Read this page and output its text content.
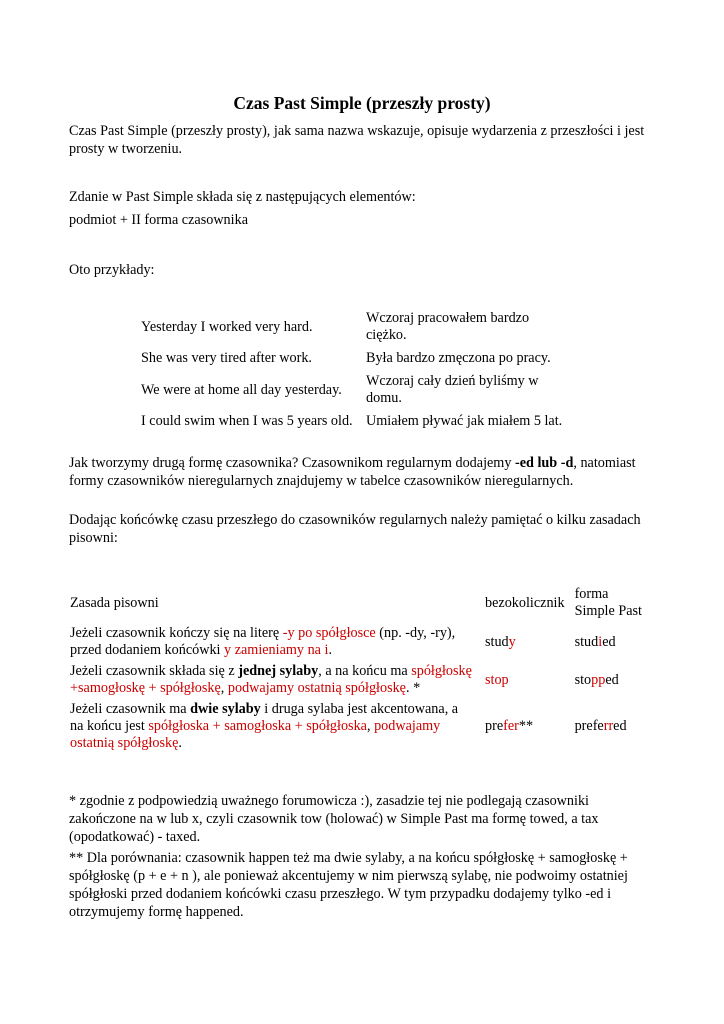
Czas Past Simple (przeszły prosty)
Czas Past Simple (przeszły prosty), jak sama nazwa wskazuje, opisuje wydarzenia z przeszłości i jest prosty w tworzeniu.
Zdanie w Past Simple składa się z następujących elementów:
podmiot + II forma czasownika
Oto przykłady:
Yesterday I worked very hard.	Wczoraj pracowałem bardzo ciężko.
She was very tired after work.	Była bardzo zmęczona po pracy.
We were at home all day yesterday.	Wczoraj cały dzień byliśmy w domu.
I could swim when I was 5 years old.	Umiałem pływać jak miałem 5 lat.
Jak tworzymy drugą formę czasownika? Czasownikom regularnym dodajemy -ed lub -d, natomiast formy czasowników nieregularnych znajdujemy w tabelce czasowników nieregularnych.
Dodając końcówkę czasu przeszłego do czasowników regularnych należy pamiętać o kilku zasadach pisowni:
Zasada pisowni	bezokolicznik	forma Simple Past
Jeżeli czasownik kończy się na literę -y po spółgłosce (np. -dy, -ry), przed dodaniem końcówki y zamieniamy na i.	study	studied
Jeżeli czasownik składa się z jednej sylaby, a na końcu ma spółgłoskę +samogłoskę + spółgłoskę, podwajamy ostatnią spółgłoskę. *	stop	stopped
Jeżeli czasownik ma dwie sylaby i druga sylaba jest akcentowana, a na końcu jest spółgłoska + samogłoska + spółgłoska, podwajamy ostatnią spółgłoskę.	prefer**	preferred
* zgodnie z podpowiedzią uważnego forumowicza :), zasadzie tej nie podlegają czasowniki zakończone na w lub x, czyli czasownik tow (holować) w Simple Past ma formę towed, a tax (opodatkować) - taxed.
** Dla porównania: czasownik happen też ma dwie sylaby, a na końcu spółgłoskę + samogłoskę + spółgłoskę (p + e + n ), ale ponieważ akcentujemy w nim pierwszą sylabę, nie podwoimy ostatniej spółgłoski przed dodaniem końcówki czasu przeszłego. W tym przypadku dodajemy tylko -ed i otrzymujemy formę happened.
